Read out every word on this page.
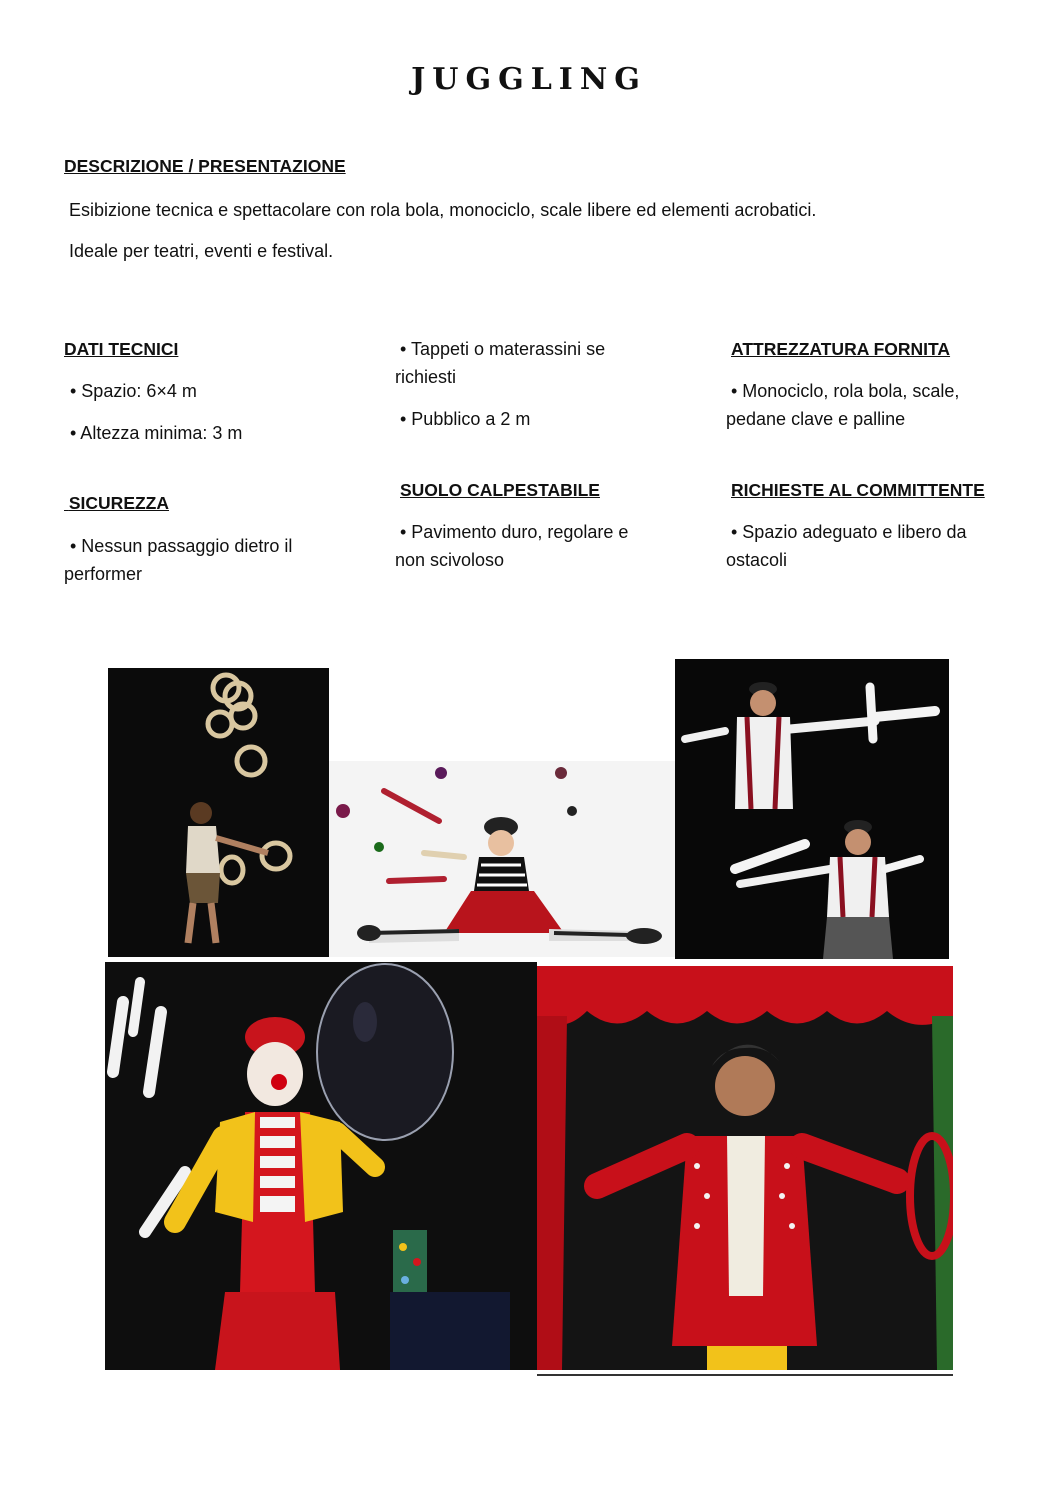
JUGGLING
DESCRIZIONE / PRESENTAZIONE
Esibizione tecnica e spettacolare con rola bola, monociclo, scale libere ed elementi acrobatici.
Ideale per teatri, eventi e festival.
DATI TECNICI
• Spazio: 6×4 m
• Altezza minima: 3 m
SICUREZZA
• Nessun passaggio dietro il
performer
• Tappeti o materassini se
richiesti
• Pubblico a 2 m
SUOLO CALPESTABILE
• Pavimento duro, regolare e
non scivoloso
ATTREZZATURA FORNITA
• Monociclo, rola bola, scale,
pedane clave e palline
RICHIESTE AL COMMITTENTE
• Spazio adeguato e libero da
ostacoli
